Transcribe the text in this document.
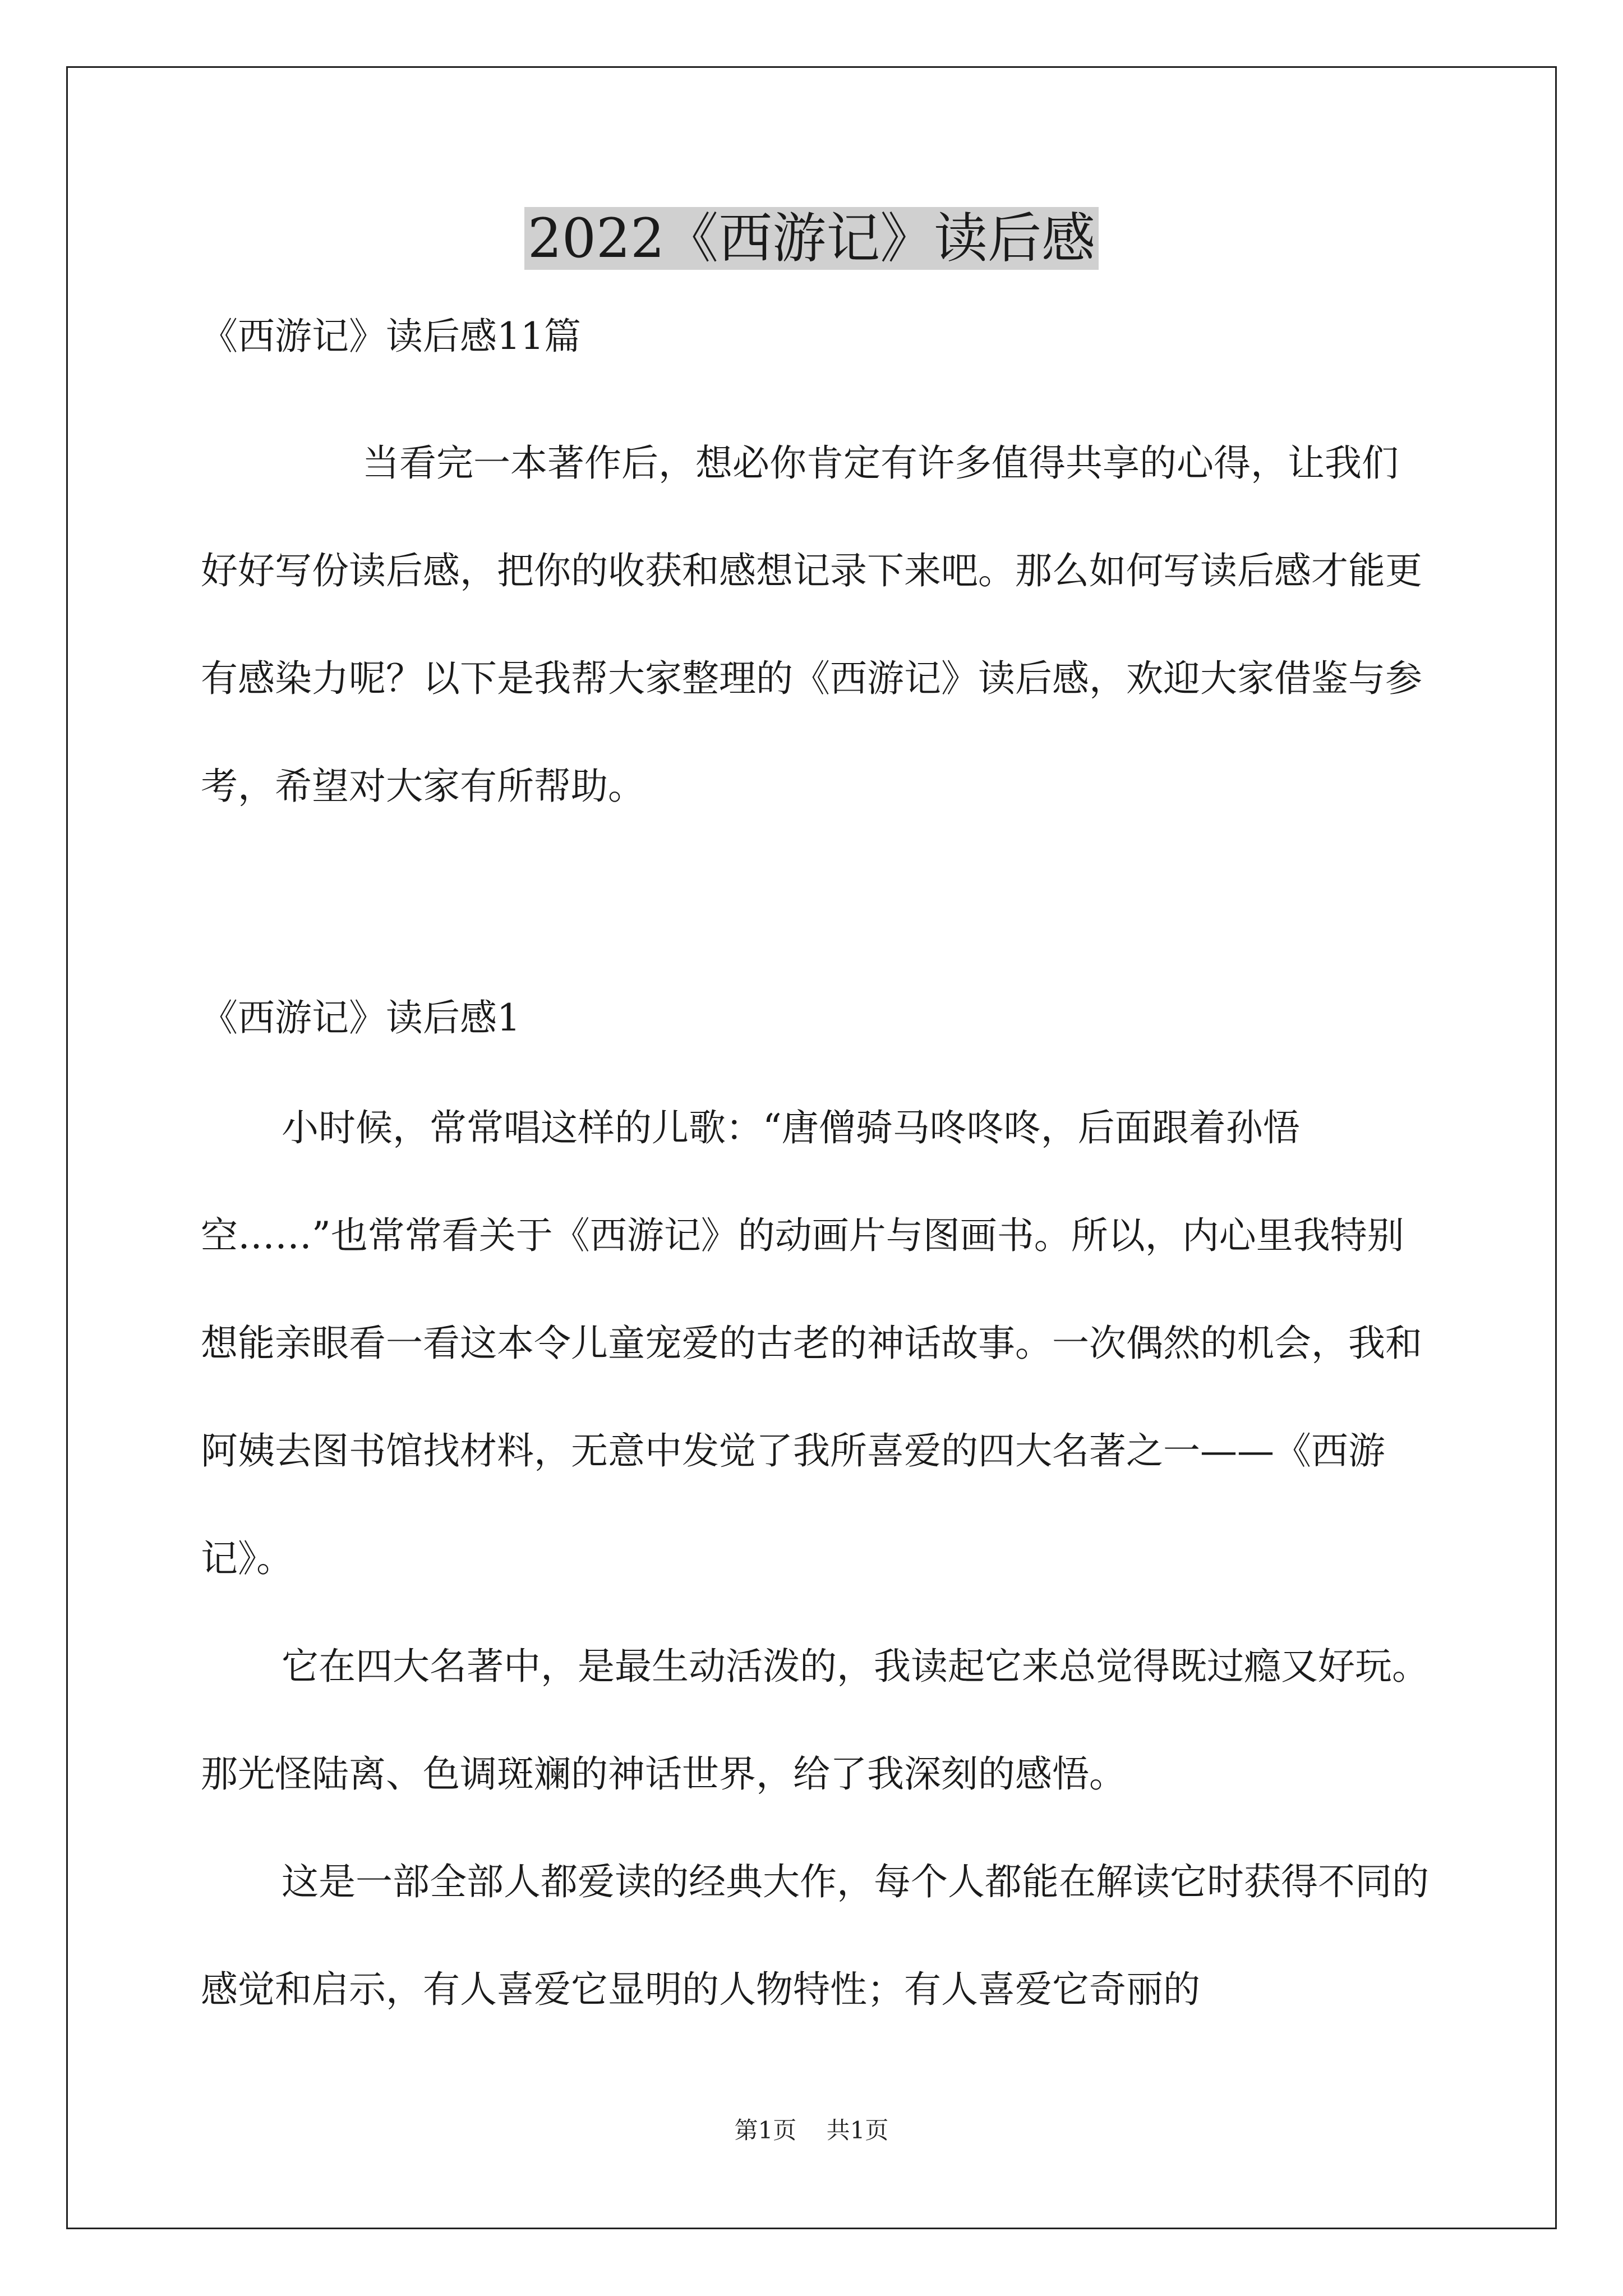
2022《西游记》读后感
《西游记》读后感11篇

当看完一本著作后，想必你肯定有许多值得共享的心得，让我们好好写份读后感，把你的收获和感想记录下来吧。那么如何写读后感才能更有感染力呢？以下是我帮大家整理的《西游记》读后感，欢迎大家借鉴与参考，希望对大家有所帮助。

《西游记》读后感1

小时候，常常唱这样的儿歌：“唐僧骑马咚咚咚，后面跟着孙悟空……”也常常看关于《西游记》的动画片与图画书。所以，内心里我特别想能亲眼看一看这本令儿童宠爱的古老的神话故事。一次偶然的机会，我和阿姨去图书馆找材料，无意中发觉了我所喜爱的四大名著之一——《西游记》。

它在四大名著中，是最生动活泼的，我读起它来总觉得既过瘾又好玩。那光怪陆离、色调斑斓的神话世界，给了我深刻的感悟。

这是一部全部人都爱读的经典大作，每个人都能在解读它时获得不同的感觉和启示，有人喜爱它显明的人物特性；有人喜爱它奇丽的

第1页 共1页
